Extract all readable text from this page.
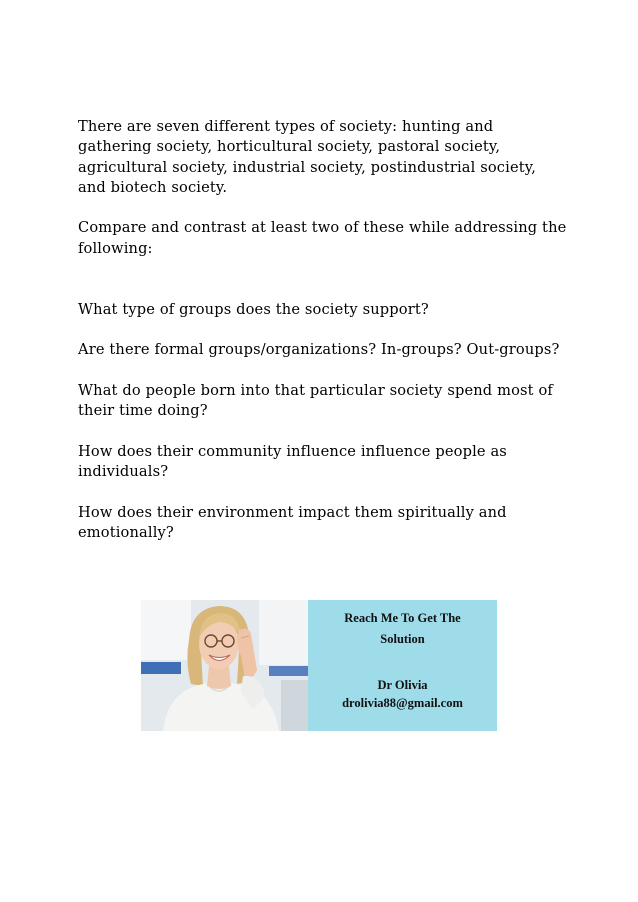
There are seven different types of society: hunting and
gathering society, horticultural society, pastoral society,
agricultural society, industrial society, postindustrial society,
and biotech society.

Compare and contrast at least two of these while addressing the
following:

What type of groups does the society support?

Are there formal groups/organizations? In-groups? Out-groups?

What do people born into that particular society spend most of
their time doing?

How does their community influence influence people as
individuals?

How does their environment impact them spiritually and
emotionally?

Reach Me To Get The
Solution
Dr Olivia
drolivia88@gmail.com
